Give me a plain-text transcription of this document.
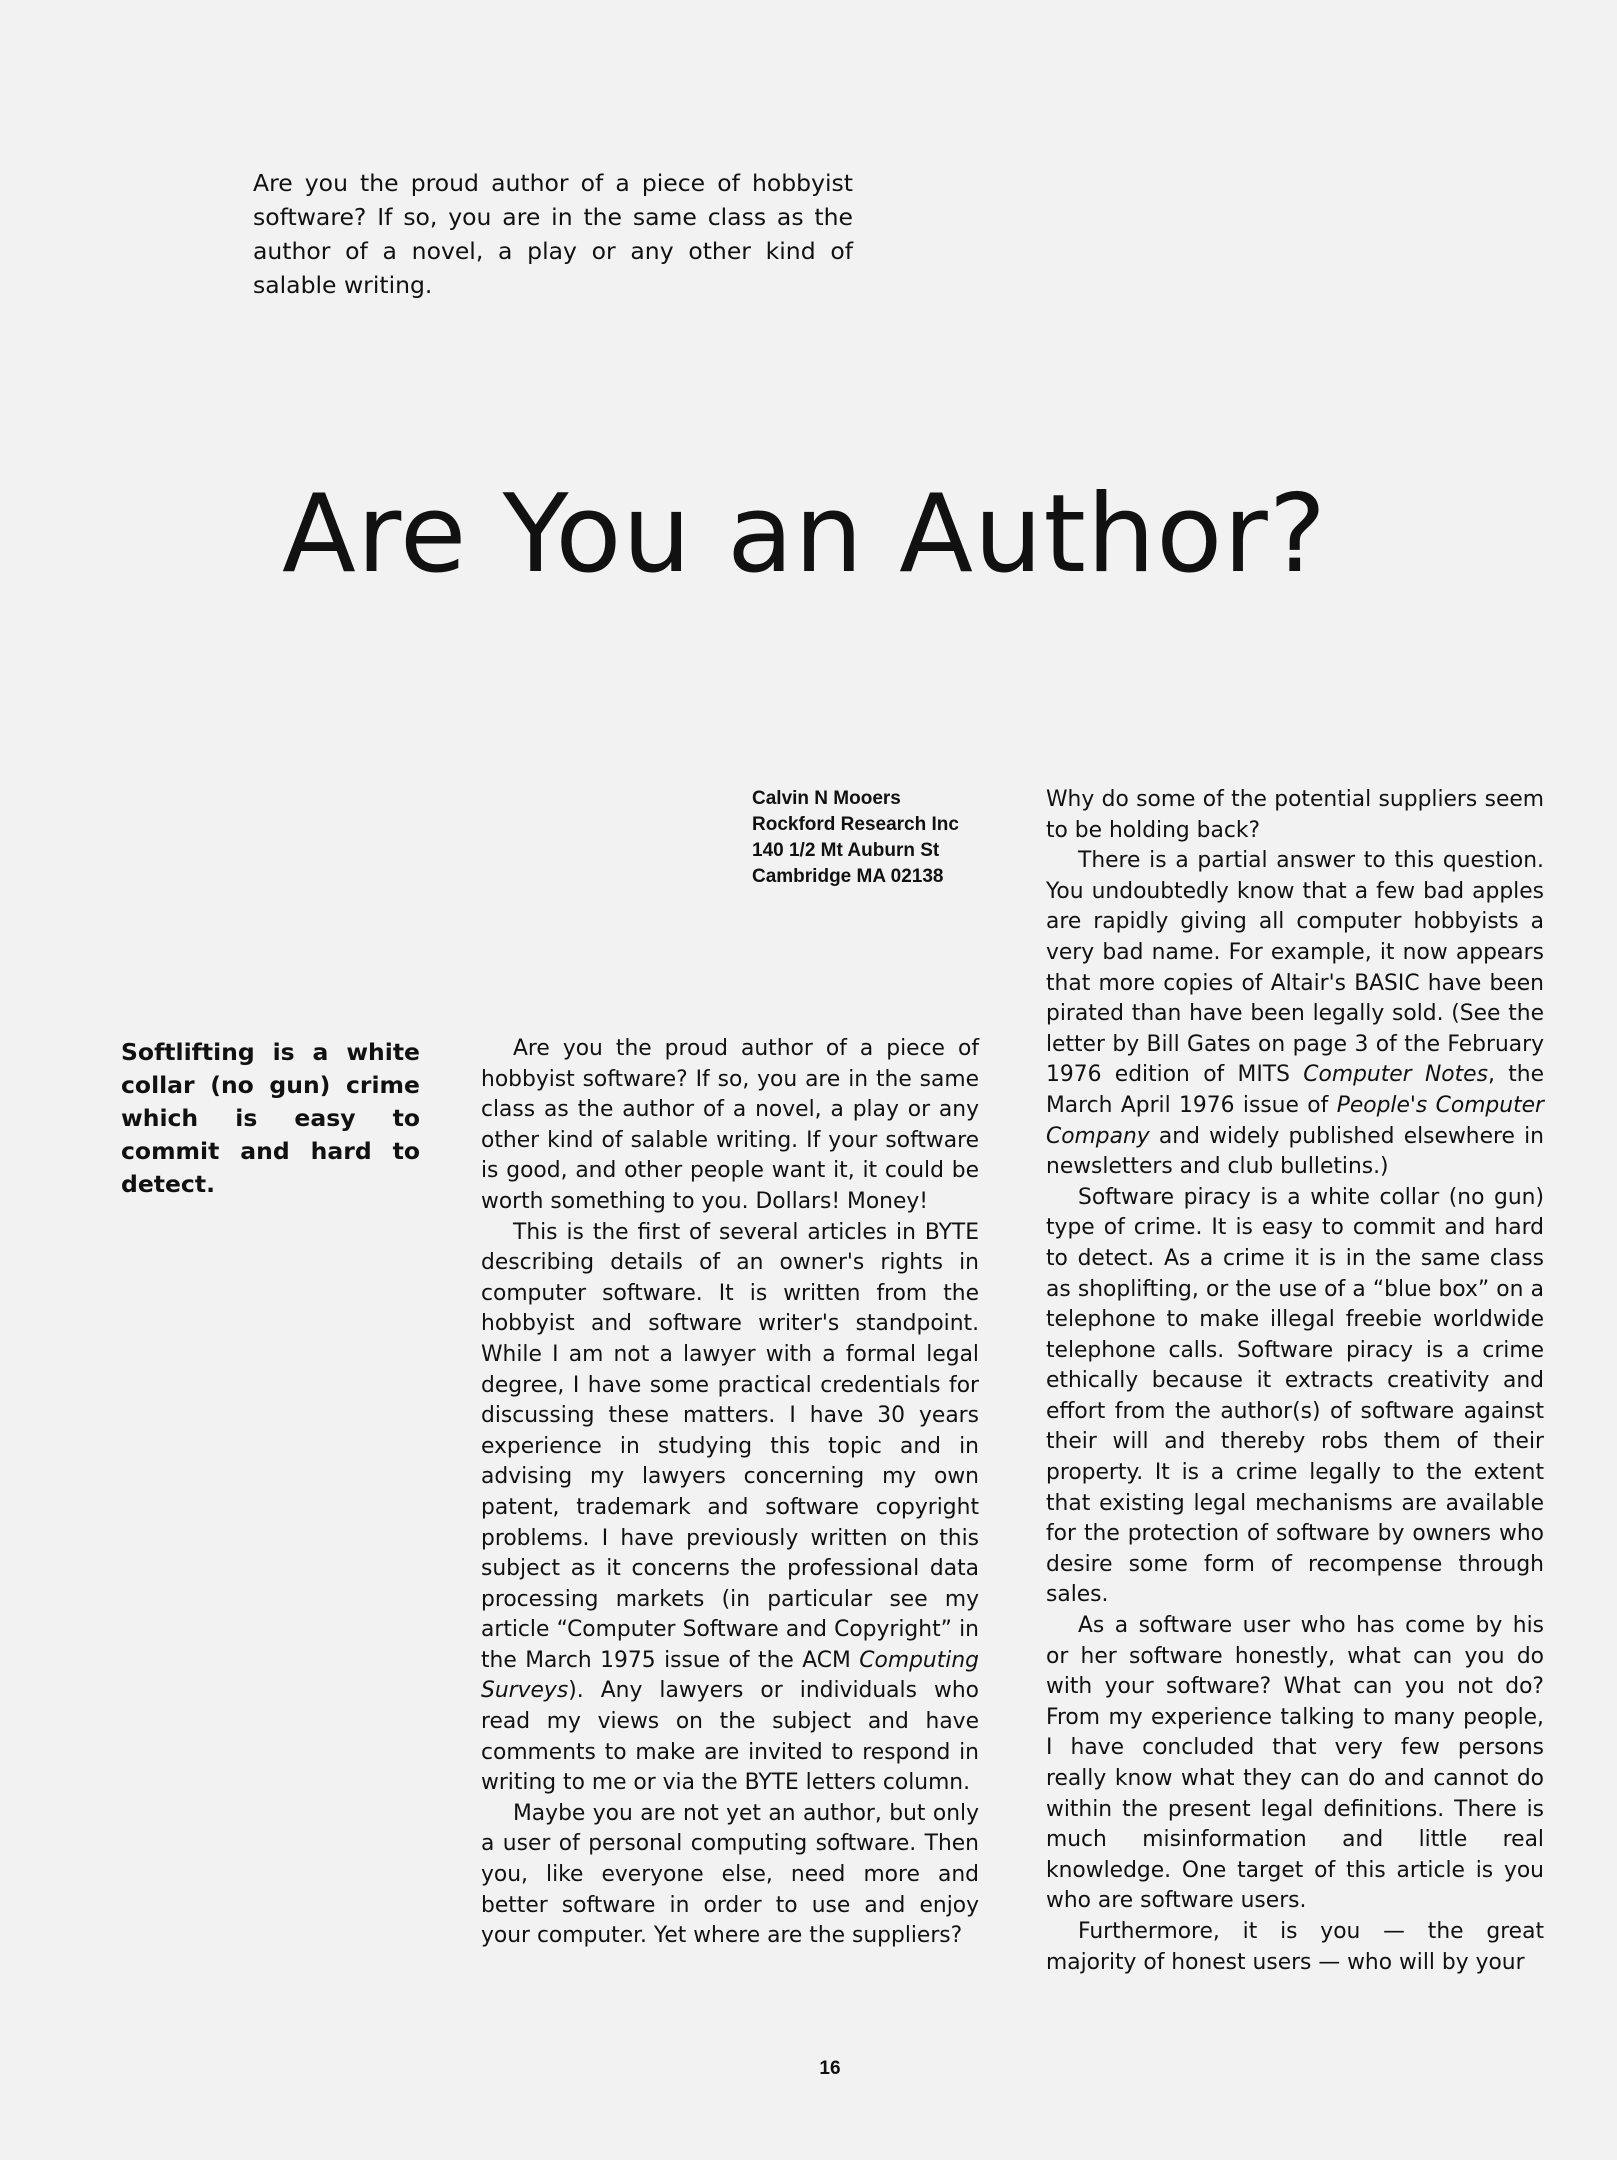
Are you the proud author of a piece of hobbyist software? If so, you are in the same class as the author of a novel, a play or any other kind of salable writing.

Are You an Author?
Calvin N Mooers
Rockford Research Inc
140 1/2 Mt Auburn St
Cambridge MA 02138

Softlifting is a white collar (no gun) crime which is easy to commit and hard to detect.

Are you the proud author of a piece of hobbyist software? If so, you are in the same class as the author of a novel, a play or any other kind of salable writing. If your software is good, and other people want it, it could be worth something to you. Dollars! Money!

This is the first of several articles in BYTE describing details of an owner's rights in computer software. It is written from the hobbyist and software writer's standpoint. While I am not a lawyer with a formal legal degree, I have some practical credentials for discussing these matters. I have 30 years experience in studying this topic and in advising my lawyers concerning my own patent, trademark and software copyright problems. I have previously written on this subject as it concerns the professional data processing markets (in particular see my article “Computer Software and Copyright” in the March 1975 issue of the ACM Computing Surveys). Any lawyers or individuals who read my views on the subject and have comments to make are invited to respond in writing to me or via the BYTE letters column.

Maybe you are not yet an author, but only a user of personal computing software. Then you, like everyone else, need more and better software in order to use and enjoy your computer. Yet where are the suppliers?

Why do some of the potential suppliers seem to be holding back?

There is a partial answer to this question. You undoubtedly know that a few bad apples are rapidly giving all computer hobbyists a very bad name. For example, it now appears that more copies of Altair's BASIC have been pirated than have been legally sold. (See the letter by Bill Gates on page 3 of the February 1976 edition of MITS Computer Notes, the March April 1976 issue of People's Computer Company and widely published elsewhere in newsletters and club bulletins.)

Software piracy is a white collar (no gun) type of crime. It is easy to commit and hard to detect. As a crime it is in the same class as shoplifting, or the use of a “blue box” on a telephone to make illegal freebie worldwide telephone calls. Software piracy is a crime ethically because it extracts creativity and effort from the author(s) of software against their will and thereby robs them of their property. It is a crime legally to the extent that existing legal mechanisms are available for the protection of software by owners who desire some form of recompense through sales.

As a software user who has come by his or her software honestly, what can you do with your software? What can you not do? From my experience talking to many people, I have concluded that very few persons really know what they can do and cannot do within the present legal definitions. There is much misinformation and little real knowledge. One target of this article is you who are software users.

Furthermore, it is you — the great majority of honest users — who will by your

16
